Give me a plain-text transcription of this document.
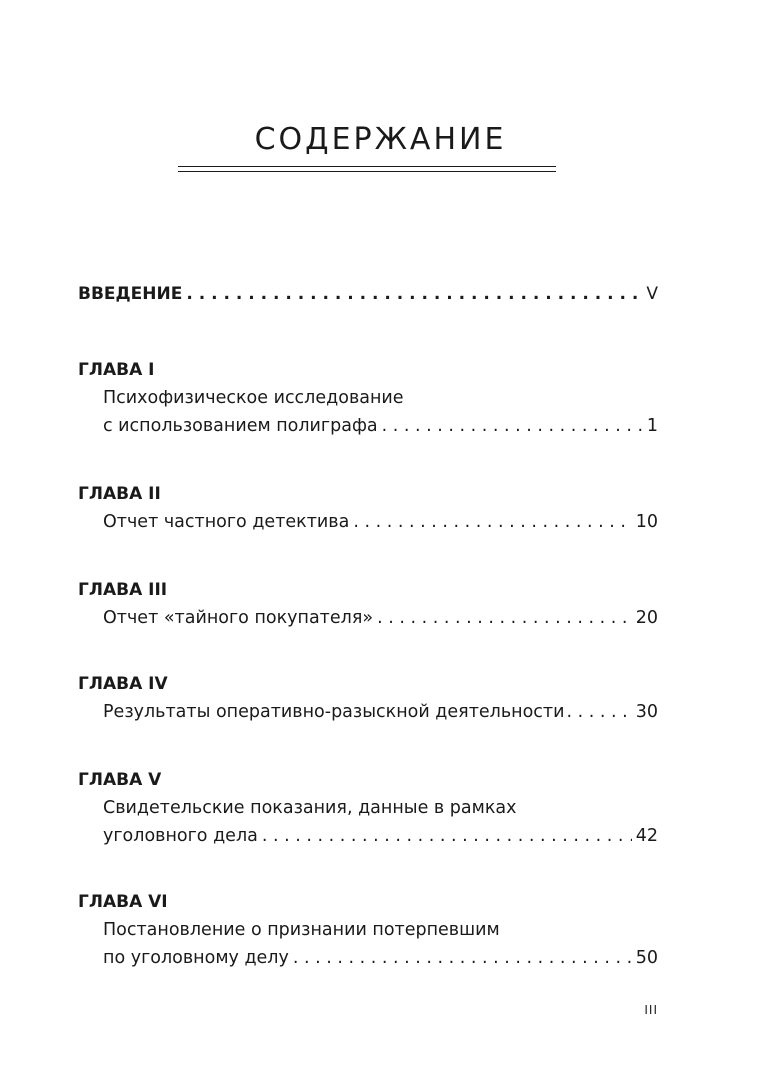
СОДЕРЖАНИЕ
ВВЕДЕНИЕ . . .	V
ГЛАВА I
Психофизическое исследование
с использованием полиграфа . . .	1
ГЛАВА II
Отчет частного детектива . . .	10
ГЛАВА III
Отчет «тайного покупателя» . . .	20
ГЛАВА IV
Результаты оперативно-разыскной деятельности . . .	30
ГЛАВА V
Свидетельские показания, данные в рамках
уголовного дела . . .	42
ГЛАВА VI
Постановление о признании потерпевшим
по уголовному делу . . .	50
III
